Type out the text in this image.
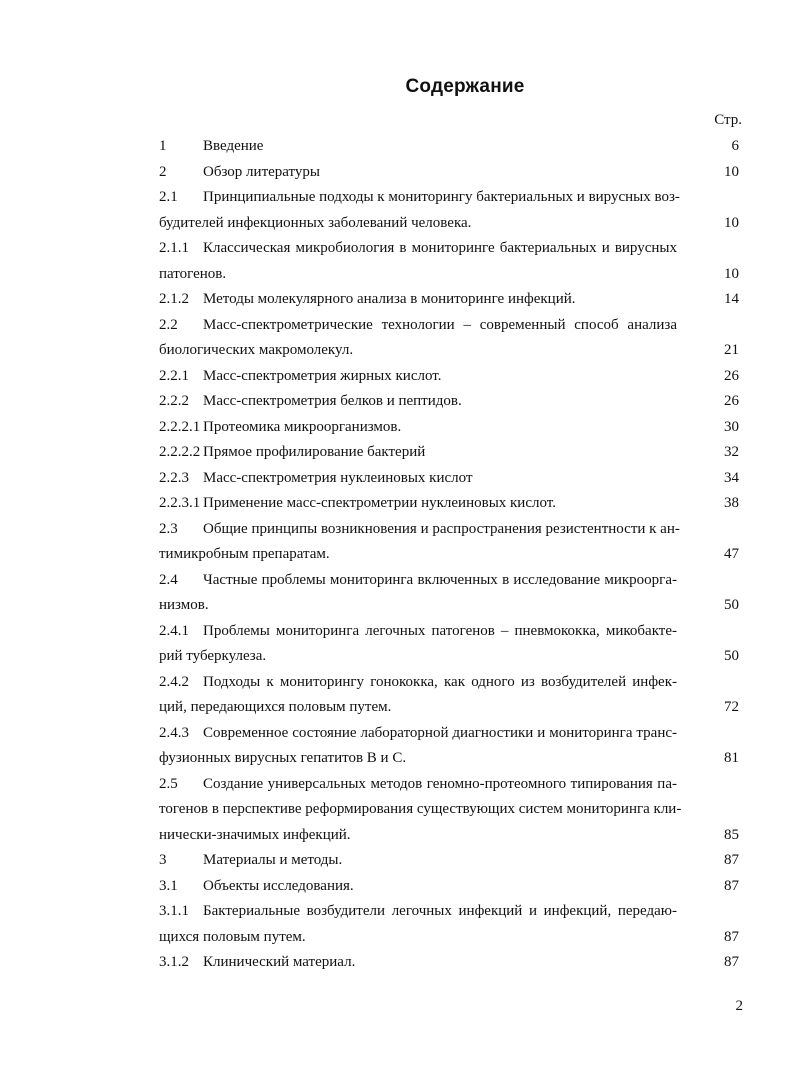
Содержание
Стр.
1 Введение	6
2 Обзор литературы	10
2.1 Принципиальные подходы к мониторингу бактериальных и вирусных воз-
будителей инфекционных заболеваний человека.	10
2.1.1 Классическая микробиология в мониторинге бактериальных и вирусных
патогенов.	10
2.1.2 Методы молекулярного анализа в мониторинге инфекций.	14
2.2 Масс-спектрометрические технологии – современный способ анализа
биологических макромолекул.	21
2.2.1 Масс-спектрометрия жирных кислот.	26
2.2.2 Масс-спектрометрия белков и пептидов.	26
2.2.2.1 Протеомика микроорганизмов.	30
2.2.2.2 Прямое профилирование бактерий	32
2.2.3 Масс-спектрометрия нуклеиновых кислот	34
2.2.3.1 Применение масс-спектрометрии нуклеиновых кислот.	38
2.3 Общие принципы возникновения и распространения резистентности к ан-
тимикробным препаратам.	47
2.4 Частные проблемы мониторинга включенных в исследование микроорга-
низмов.	50
2.4.1 Проблемы мониторинга легочных патогенов – пневмококка, микобакте-
рий туберкулеза.	50
2.4.2 Подходы к мониторингу гонококка, как одного из возбудителей инфек-
ций, передающихся половым путем.	72
2.4.3 Современное состояние лабораторной диагностики и мониторинга транс-
фузионных вирусных гепатитов В и С.	81
2.5 Создание универсальных методов геномно-протеомного типирования па-
тогенов в перспективе реформирования существующих систем мониторинга кли-
нически-значимых инфекций.	85
3 Материалы и методы.	87
3.1 Объекты исследования.	87
3.1.1 Бактериальные возбудители легочных инфекций и инфекций, передаю-
щихся половым путем.	87
3.1.2 Клинический материал.	87
2
